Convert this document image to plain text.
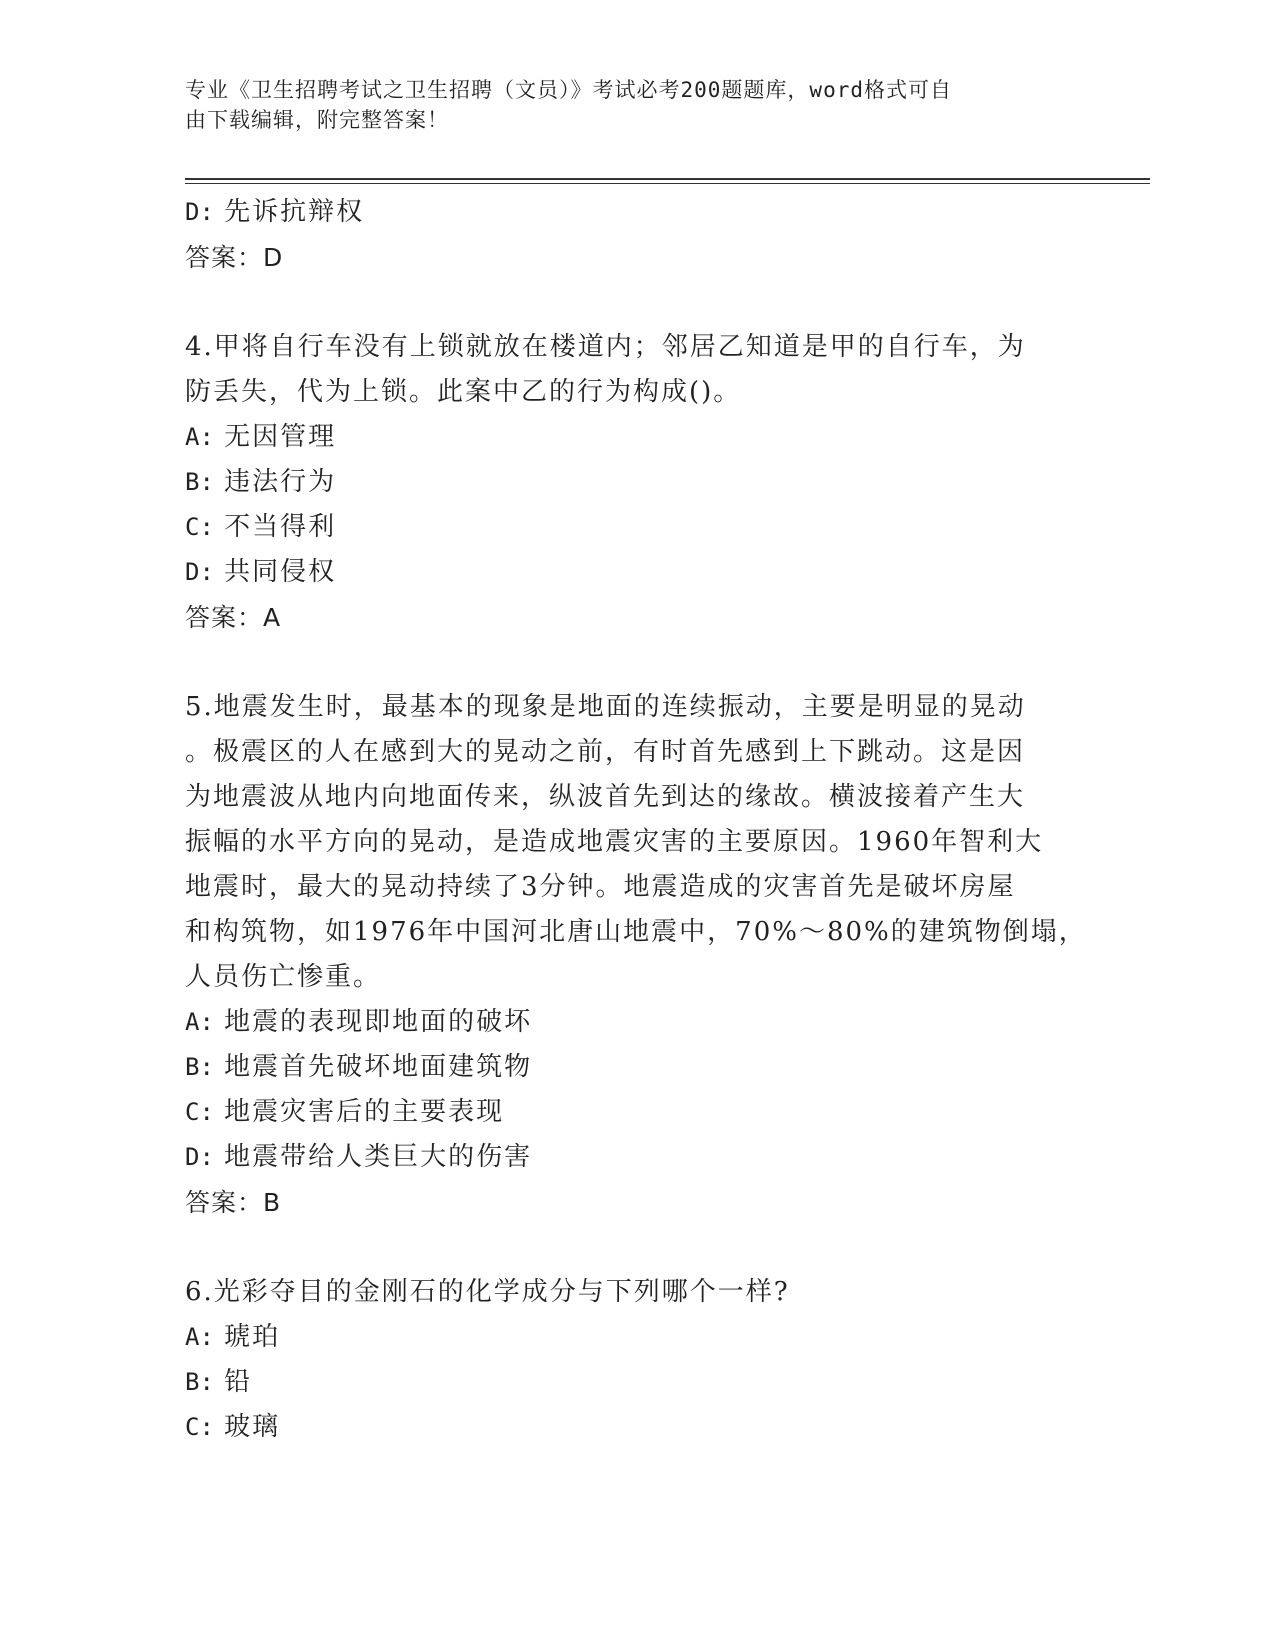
专业《卫生招聘考试之卫生招聘（文员）》考试必考200题题库，word格式可自
由下载编辑，附完整答案！
D: 先诉抗辩权
答案：D
4.甲将自行车没有上锁就放在楼道内；邻居乙知道是甲的自行车，为
防丢失，代为上锁。此案中乙的行为构成()。
A: 无因管理
B: 违法行为
C: 不当得利
D: 共同侵权
答案：A
5.地震发生时，最基本的现象是地面的连续振动，主要是明显的晃动
。极震区的人在感到大的晃动之前，有时首先感到上下跳动。这是因
为地震波从地内向地面传来，纵波首先到达的缘故。横波接着产生大
振幅的水平方向的晃动，是造成地震灾害的主要原因。1960年智利大
地震时，最大的晃动持续了3分钟。地震造成的灾害首先是破坏房屋
和构筑物，如1976年中国河北唐山地震中，70%～80%的建筑物倒塌，
人员伤亡惨重。
A: 地震的表现即地面的破坏
B: 地震首先破坏地面建筑物
C: 地震灾害后的主要表现
D: 地震带给人类巨大的伤害
答案：B
6.光彩夺目的金刚石的化学成分与下列哪个一样?
A: 琥珀
B: 铅
C: 玻璃
